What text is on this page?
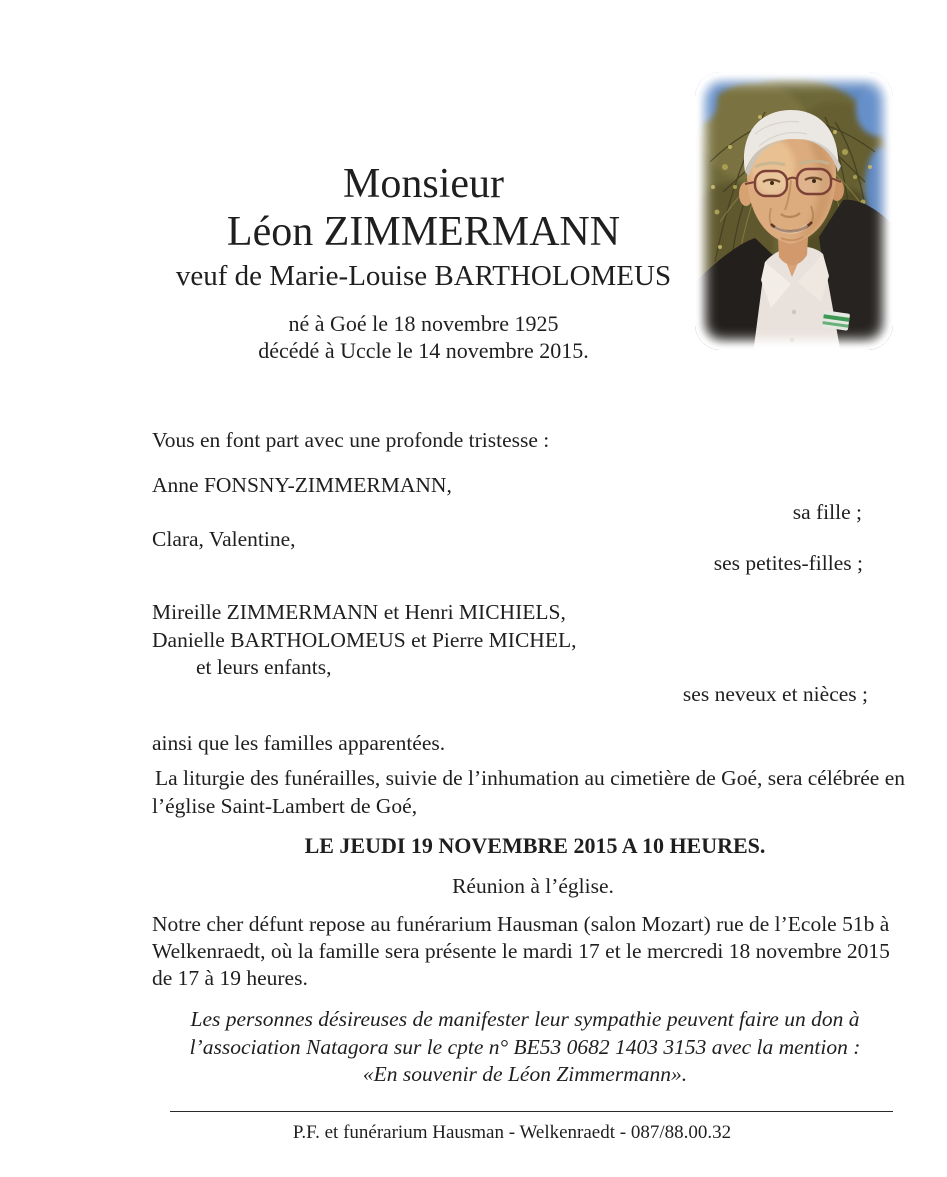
Monsieur
Léon ZIMMERMANN
veuf de Marie-Louise BARTHOLOMEUS
né à Goé le 18 novembre 1925
décédé à Uccle le 14 novembre 2015.
Vous en font part avec une profonde tristesse :
Anne FONSNY-ZIMMERMANN,
sa fille ;
Clara, Valentine,
ses petites-filles ;
Mireille ZIMMERMANN et Henri MICHIELS,
Danielle BARTHOLOMEUS et Pierre MICHEL,
et leurs enfants,
ses neveux et nièces ;
ainsi que les familles apparentées.
La liturgie des funérailles, suivie de l’inhumation au cimetière de Goé, sera célébrée en l’église Saint-Lambert de Goé,
LE JEUDI 19 NOVEMBRE 2015 A 10 HEURES.
Réunion à l’église.
Notre cher défunt repose au funérarium Hausman (salon Mozart) rue de l’Ecole 51b à Welkenraedt, où la famille sera présente le mardi 17 et le mercredi 18 novembre 2015 de 17 à 19 heures.
Les personnes désireuses de manifester leur sympathie peuvent faire un don à
l’association Natagora sur le cpte n° BE53 0682 1403 3153 avec la mention :
«En souvenir de Léon Zimmermann».
P.F. et funérarium Hausman - Welkenraedt - 087/88.00.32
